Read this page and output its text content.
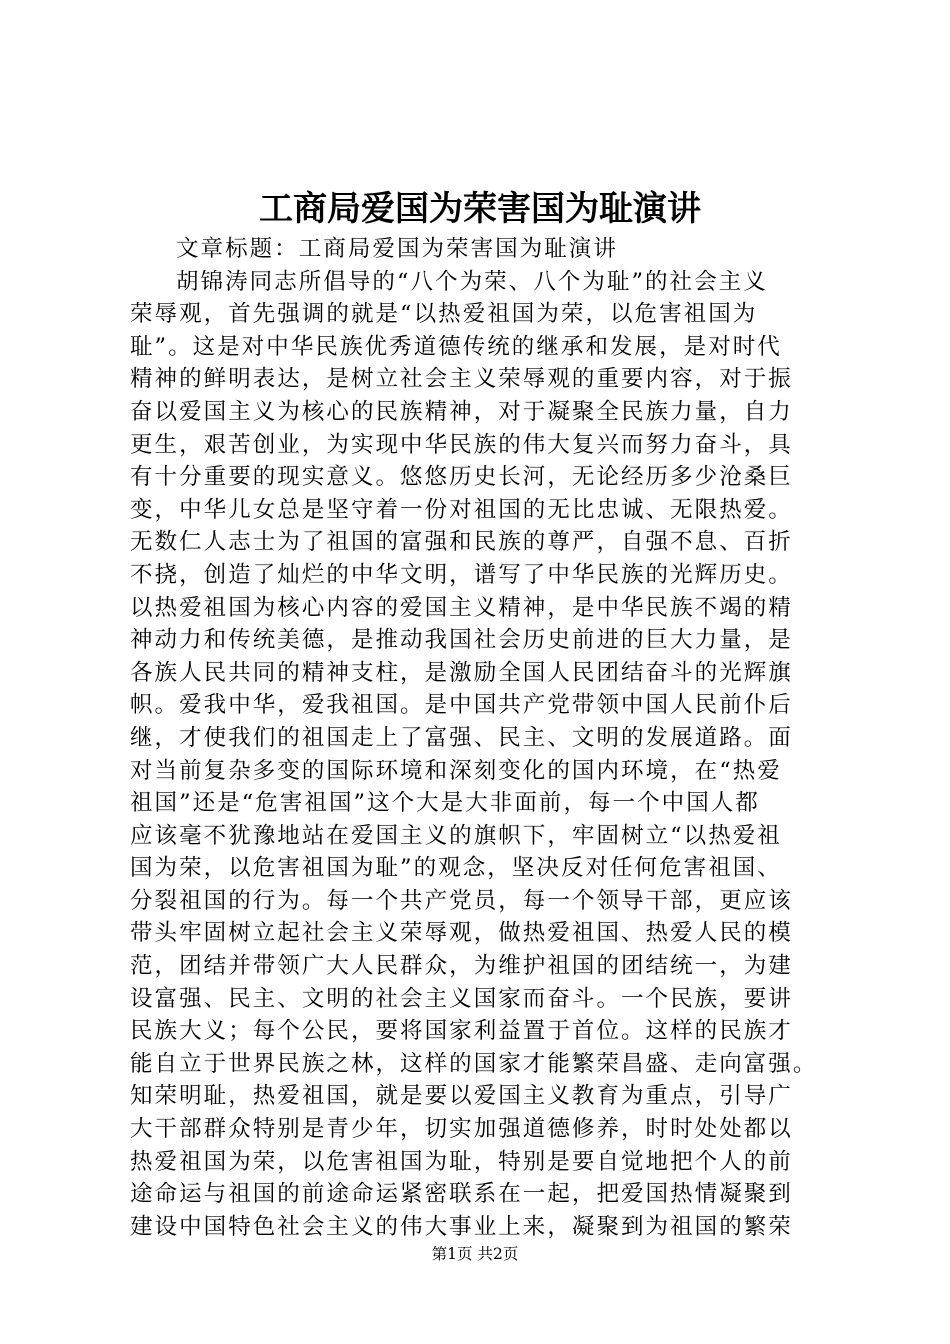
工商局爱国为荣害国为耻演讲
文章标题：工商局爱国为荣害国为耻演讲
胡锦涛同志所倡导的“八个为荣、八个为耻”的社会主义
荣辱观，首先强调的就是“以热爱祖国为荣，以危害祖国为
耻”。这是对中华民族优秀道德传统的继承和发展，是对时代
精神的鲜明表达，是树立社会主义荣辱观的重要内容，对于振
奋以爱国主义为核心的民族精神，对于凝聚全民族力量，自力
更生，艰苦创业，为实现中华民族的伟大复兴而努力奋斗，具
有十分重要的现实意义。悠悠历史长河，无论经历多少沧桑巨
变，中华儿女总是坚守着一份对祖国的无比忠诚、无限热爱。
无数仁人志士为了祖国的富强和民族的尊严，自强不息、百折
不挠，创造了灿烂的中华文明，谱写了中华民族的光辉历史。
以热爱祖国为核心内容的爱国主义精神，是中华民族不竭的精
神动力和传统美德，是推动我国社会历史前进的巨大力量，是
各族人民共同的精神支柱，是激励全国人民团结奋斗的光辉旗
帜。爱我中华，爱我祖国。是中国共产党带领中国人民前仆后
继，才使我们的祖国走上了富强、民主、文明的发展道路。面
对当前复杂多变的国际环境和深刻变化的国内环境，在“热爱
祖国”还是“危害祖国”这个大是大非面前，每一个中国人都
应该毫不犹豫地站在爱国主义的旗帜下，牢固树立“以热爱祖
国为荣，以危害祖国为耻”的观念，坚决反对任何危害祖国、
分裂祖国的行为。每一个共产党员，每一个领导干部，更应该
带头牢固树立起社会主义荣辱观，做热爱祖国、热爱人民的模
范，团结并带领广大人民群众，为维护祖国的团结统一，为建
设富强、民主、文明的社会主义国家而奋斗。一个民族，要讲
民族大义；每个公民，要将国家利益置于首位。这样的民族才
能自立于世界民族之林，这样的国家才能繁荣昌盛、走向富强。
知荣明耻，热爱祖国，就是要以爱国主义教育为重点，引导广
大干部群众特别是青少年，切实加强道德修养，时时处处都以
热爱祖国为荣，以危害祖国为耻，特别是要自觉地把个人的前
途命运与祖国的前途命运紧密联系在一起，把爱国热情凝聚到
建设中国特色社会主义的伟大事业上来，凝聚到为祖国的繁荣
第1页 共2页
